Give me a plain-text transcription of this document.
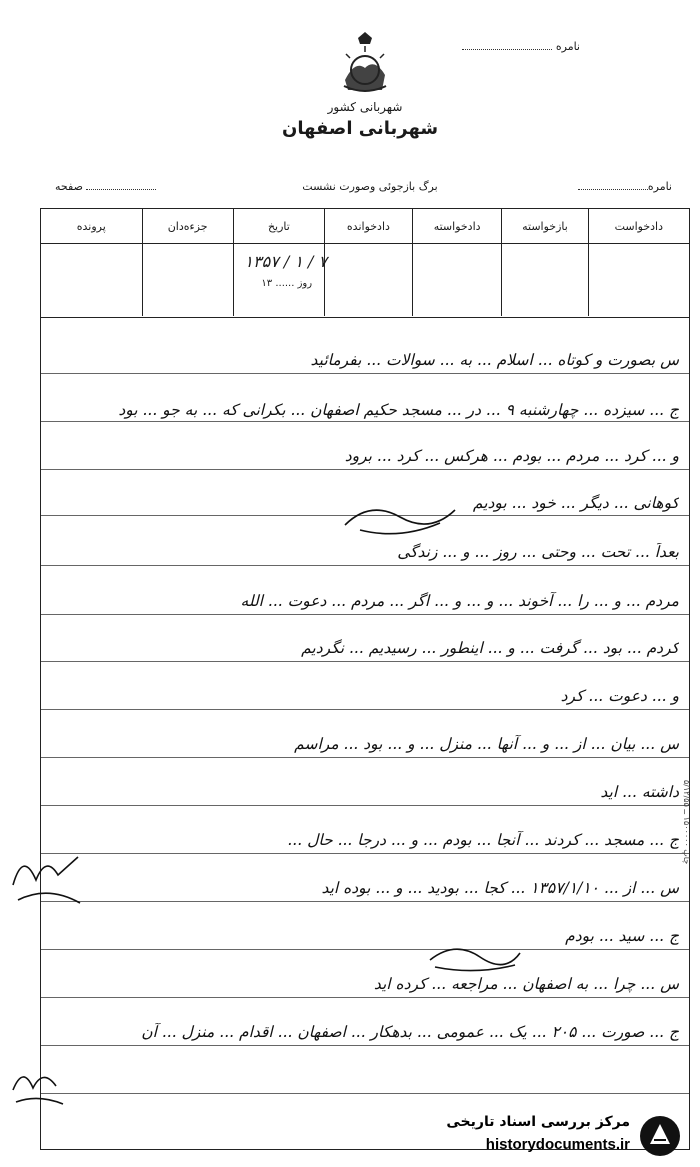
نامره
شهربانی کشور
شهربانی اصفهان
نامره
برگ بازجوئی وصورت نشست
صفحه
دادخواست
بازخواسته
دادخواسته
دادخوانده
تاریخ
جزءه‌دان
پرونده
۷ / ۱ / ۱۳۵۷
روز ...... ۱۳
س بصورت و کوتاه ... اسلام ... به ... سوالات ... بفرمائید
ج ... سیزده ... چهارشنبه ۹ ... در ... مسجد حکیم اصفهان ... بکرانی که ... به جو ... بود
و ... کرد ... مردم ... بودم ... هرکس ... کرد ... برود
کوهانی ... دیگر ... خود ... بودیم
بعداً ... تحت ... وحتی ... روز ... و ... زندگی
مردم ... و ... را ... آخوند ... و ... و ... اگر ... مردم ... دعوت ... الله
کردم ... بود ... گرفت ... و ... اینطور ... رسیدیم ... نگردیم
و ... دعوت ... کرد
س ... بیان ... از ... و ... آنها ... منزل ... و ... بود ... مراسم
داشته ... اید
ج ... مسجد ... کردند ... آنجا ... بودم ... و ... درجا ... حال ...
س ... از ... ۱۳۵۷/۱/۱۰ ... کجا ... بودید ... و ... بوده اید
ج ... سید ... بودم
س ... چرا ... به اصفهان ... مراجعه ... کرده اید
ج ... صورت ... ۲۰۵ ... یک ... عمومی ... بدهکار ... اصفهان ... اقدام ... منزل ... آن
چاپ ۱۵۰۰۰۰۰ ــ ۵/۱۲/۵۵
مرکز بررسی اسناد تاریخی
historydocuments.ir
